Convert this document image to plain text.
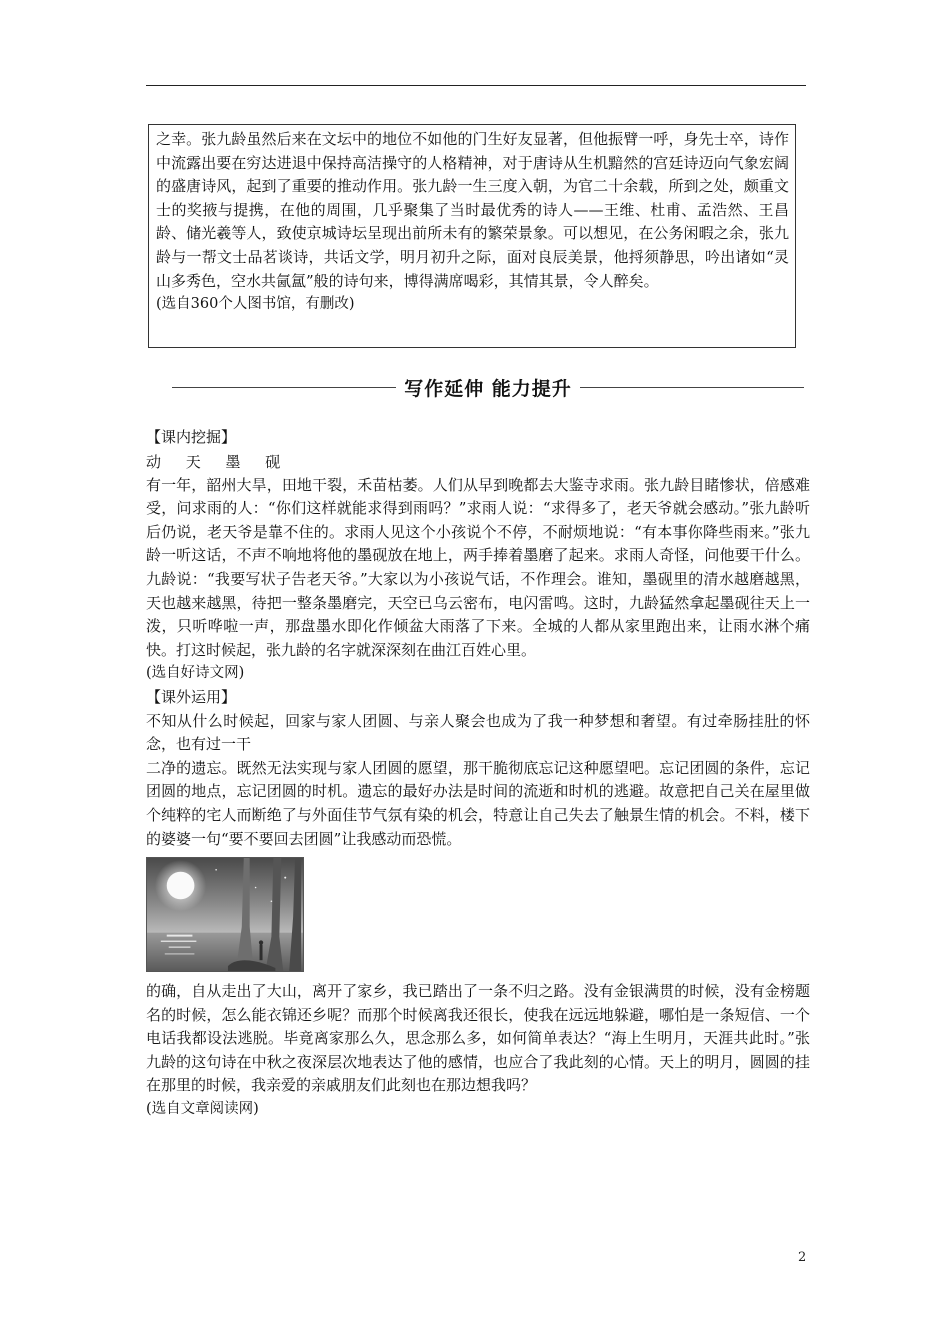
之幸。张九龄虽然后来在文坛中的地位不如他的门生好友显著，但他振臂一呼，身先士卒，诗作中流露出要在穷达进退中保持高洁操守的人格精神，对于唐诗从生机黯然的宫廷诗迈向气象宏阔的盛唐诗风，起到了重要的推动作用。张九龄一生三度入朝，为官二十余载，所到之处，颇重文士的奖掖与提携，在他的周围，几乎聚集了当时最优秀的诗人——王维、杜甫、孟浩然、王昌龄、储光羲等人，致使京城诗坛呈现出前所未有的繁荣景象。可以想见，在公务闲暇之余，张九龄与一帮文士品茗谈诗，共话文学，明月初升之际，面对良辰美景，他捋须静思，吟出诸如“灵山多秀色，空水共氤氲”般的诗句来，博得满席喝彩，其情其景，令人醉矣。

(选自360个人图书馆，有删改)

写作延伸 能力提升

【课内挖掘】

动 天 墨 砚

有一年，韶州大旱，田地干裂，禾苗枯萎。人们从早到晚都去大鉴寺求雨。张九龄目睹惨状，倍感难受，问求雨的人：“你们这样就能求得到雨吗？”求雨人说：“求得多了，老天爷就会感动。”张九龄听后仍说，老天爷是靠不住的。求雨人见这个小孩说个不停，不耐烦地说：“有本事你降些雨来。”张九龄一听这话，不声不响地将他的墨砚放在地上，两手捧着墨磨了起来。求雨人奇怪，问他要干什么。九龄说：“我要写状子告老天爷。”大家以为小孩说气话，不作理会。谁知，墨砚里的清水越磨越黑，天也越来越黑，待把一整条墨磨完，天空已乌云密布，电闪雷鸣。这时，九龄猛然拿起墨砚往天上一泼，只听哗啦一声，那盘墨水即化作倾盆大雨落了下来。全城的人都从家里跑出来，让雨水淋个痛快。打这时候起，张九龄的名字就深深刻在曲江百姓心里。

(选自好诗文网)

【课外运用】

不知从什么时候起，回家与家人团圆、与亲人聚会也成为了我一种梦想和奢望。有过牵肠挂肚的怀念，也有过一干

二净的遗忘。既然无法实现与家人团圆的愿望，那干脆彻底忘记这种愿望吧。忘记团圆的条件，忘记团圆的地点，忘记团圆的时机。遗忘的最好办法是时间的流逝和时机的逃避。故意把自己关在屋里做个纯粹的宅人而断绝了与外面佳节气氛有染的机会，特意让自己失去了触景生情的机会。不料，楼下的婆婆一句“要不要回去团圆”让我感动而恐慌。

的确，自从走出了大山，离开了家乡，我已踏出了一条不归之路。没有金银满贯的时候，没有金榜题名的时候，怎么能衣锦还乡呢？而那个时候离我还很长，使我在远远地躲避，哪怕是一条短信、一个电话我都设法逃脱。毕竟离家那么久，思念那么多，如何简单表达？“海上生明月，天涯共此时。”张九龄的这句诗在中秋之夜深层次地表达了他的感情，也应合了我此刻的心情。天上的明月，圆圆的挂在那里的时候，我亲爱的亲戚朋友们此刻也在那边想我吗？

(选自文章阅读网)

2
